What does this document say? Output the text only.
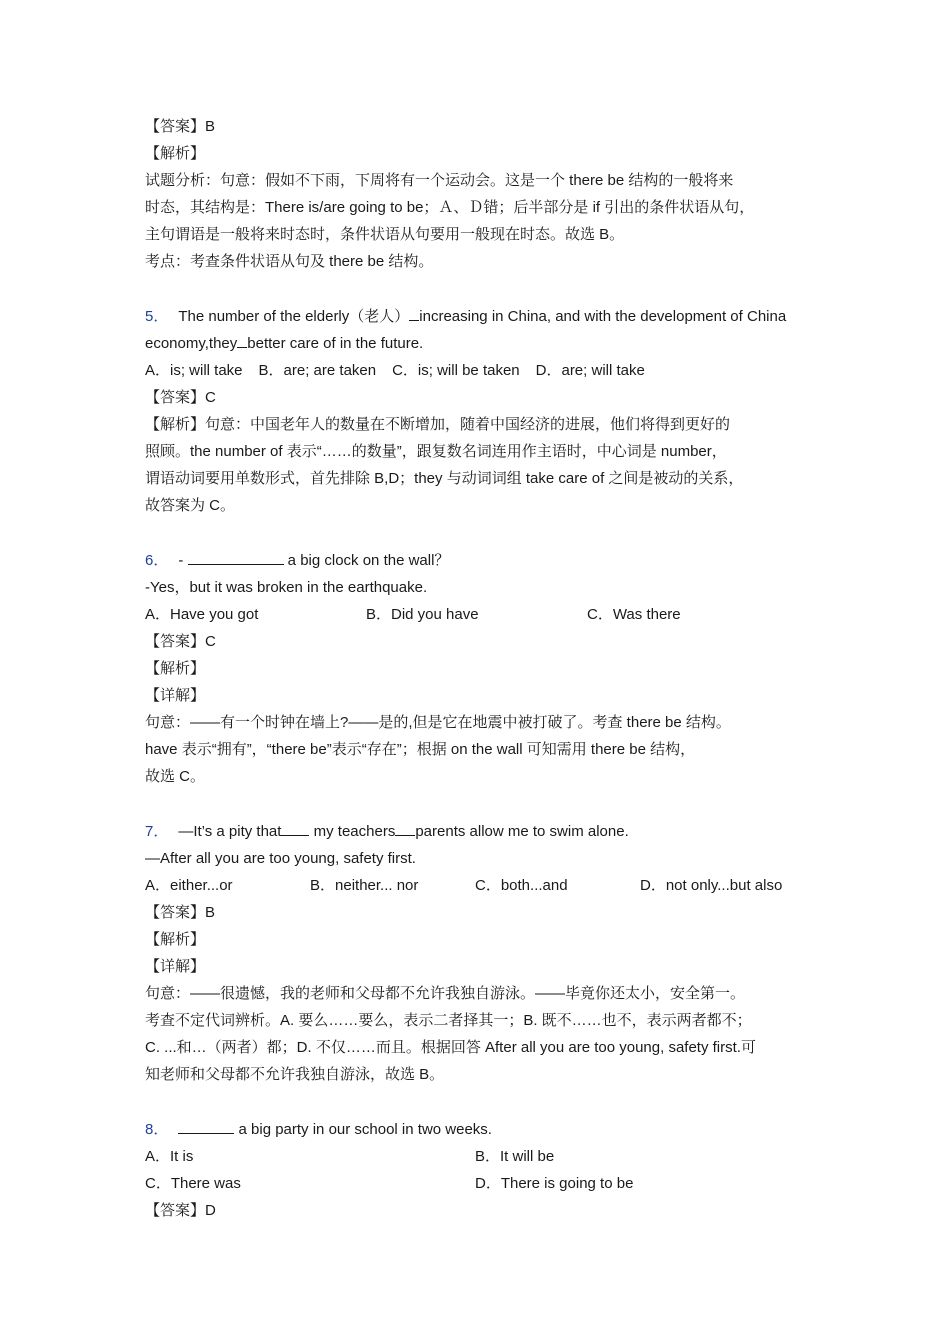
【答案】B
【解析】
试题分析：句意：假如不下雨，下周将有一个运动会。这是一个 there be 结构的一般将来
时态，其结构是：There is/are going to be；Ａ、Ｄ错；后半部分是 if 引出的条件状语从句，
主句谓语是一般将来时态时，条件状语从句要用一般现在时态。故选 B。
考点：考查条件状语从句及 there be 结构。
5． The number of the elderly（老人） increasing in China, and with the development of China
economy,they better care of in the future.
A．is; will take B．are; are taken C．is; will be taken D．are; will take
【答案】C
【解析】句意：中国老年人的数量在不断增加，随着中国经济的进展，他们将得到更好的
照顾。the number of 表示“……的数量”，跟复数名词连用作主语时，中心词是 number，
谓语动词要用单数形式，首先排除 B,D；they 与动词词组 take care of 之间是被动的关系，
故答案为 C。
6． -	a big clock on the wall？
-Yes，but it was broken in the earthquake.
A．Have you got	B．Did you have	C．Was there
【答案】C
【解析】
【详解】
句意：——有一个时钟在墙上?——是的,但是它在地震中被打破了。考查 there be 结构。
have 表示“拥有”，“there be”表示“存在”；根据 on the wall 可知需用 there be 结构，
故选 C。
7． —It’s a pity that my teachers parents allow me to swim alone.
—After all you are too young, safety first.
A．either...or	B．neither... nor	C．both...and	D．not only...but also
【答案】B
【解析】
【详解】
句意：——很遗憾，我的老师和父母都不允许我独自游泳。——毕竟你还太小，安全第一。
考查不定代词辨析。A. 要么……要么，表示二者择其一；B. 既不……也不，表示两者都不；
C. ...和…（两者）都；D. 不仅……而且。根据回答 After all you are too young, safety first.可
知老师和父母都不允许我独自游泳，故选 B。
8．	a big party in our school in two weeks.
A．It is	B．It will be
C．There was	D．There is going to be
【答案】D
